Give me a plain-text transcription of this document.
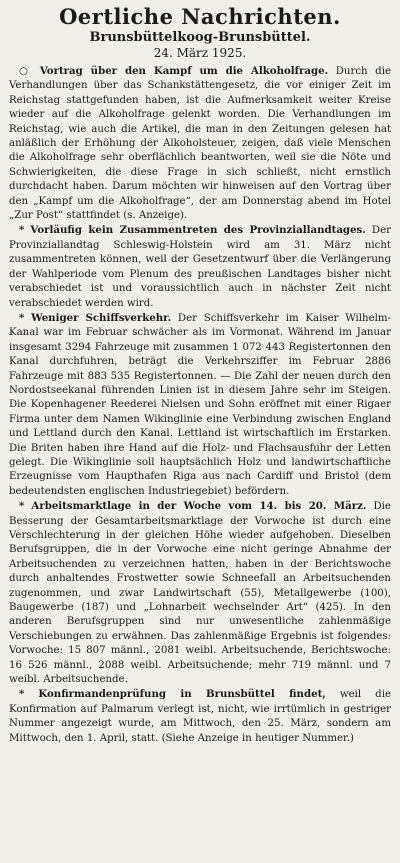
Oertliche Nachrichten.
Brunsbüttelkoog-Brunsbüttel.
24. März 1925.

○ Vortrag über den Kampf um die Alkoholfrage. Durch die Verhandlungen über das Schankstättengesetz, die vor einiger Zeit im Reichstag stattgefunden haben, ist die Aufmerksamkeit weiter Kreise wieder auf die Alkoholfrage gelenkt worden. Die Verhandlungen im Reichstag, wie auch die Artikel, die man in den Zeitungen gelesen hat anläßlich der Erhöhung der Alkoholsteuer, zeigen, daß viele Menschen die Alkoholfrage sehr oberflächlich beantworten, weil sie die Nöte und Schwierigkeiten, die diese Frage in sich schließt, nicht ernstlich durchdacht haben. Darum möchten wir hinweisen auf den Vortrag über den „Kampf um die Alkoholfrage“, der am Donnerstag abend im Hotel „Zur Post“ stattfindet (s. Anzeige).

* Vorläufig kein Zusammentreten des Provinziallandtages. Der Provinziallandtag Schleswig-Holstein wird am 31. März nicht zusammentreten können, weil der Gesetzentwurf über die Verlängerung der Wahlperiode vom Plenum des preußischen Landtages bisher nicht verabschiedet ist und voraussichtlich auch in nächster Zeit nicht verabschiedet werden wird.

* Weniger Schiffsverkehr. Der Schiffsverkehr im Kaiser Wilhelm-Kanal war im Februar schwächer als im Vormonat. Während im Januar insgesamt 3294 Fahrzeuge mit zusammen 1 072 443 Registertonnen den Kanal durchfuhren, beträgt die Verkehrsziffer im Februar 2886 Fahrzeuge mit 883 535 Registertonnen. — Die Zahl der neuen durch den Nordostseekanal führenden Linien ist in diesem Jahre sehr im Steigen. Die Kopenhagener Reederei Nielsen und Sohn eröffnet mit einer Rigaer Firma unter dem Namen Wikinglinie eine Verbindung zwischen England und Lettland durch den Kanal. Lettland ist wirtschaftlich im Erstarken. Die Briten haben ihre Hand auf die Holz- und Flachsausfuhr der Letten gelegt. Die Wikinglinie soll hauptsächlich Holz und landwirtschaftliche Erzeugnisse vom Haupthafen Riga aus nach Cardiff und Bristol (dem bedeutendsten englischen Industriegebiet) befördern.

* Arbeitsmarktlage in der Woche vom 14. bis 20. März. Die Besserung der Gesamtarbeitsmarktlage der Vorwoche ist durch eine Verschlechterung in der gleichen Höhe wieder aufgehoben. Dieselben Berufsgruppen, die in der Vorwoche eine nicht geringe Abnahme der Arbeitsuchenden zu verzeichnen hatten, haben in der Berichtswoche durch anhaltendes Frostwetter sowie Schneefall an Arbeitsuchenden zugenommen, und zwar Landwirtschaft (55), Metallgewerbe (100), Baugewerbe (187) und „Lohnarbeit wechselnder Art“ (425). In den anderen Berufsgruppen sind nur unwesentliche zahlenmäßige Verschiebungen zu erwähnen. Das zahlenmäßige Ergebnis ist folgendes: Vorwoche: 15 807 männl., 2081 weibl. Arbeitsuchende, Berichtswoche: 16 526 männl., 2088 weibl. Arbeitsuchende; mehr 719 männl. und 7 weibl. Arbeitsuchende.

* Konfirmandenprüfung in Brunsbüttel findet, weil die Konfirmation auf Palmarum verlegt ist, nicht, wie irrtümlich in gestriger Nummer angezeigt wurde, am Mittwoch, den 25. März, sondern am Mittwoch, den 1. April, statt. (Siehe Anzeige in heutiger Nummer.)
